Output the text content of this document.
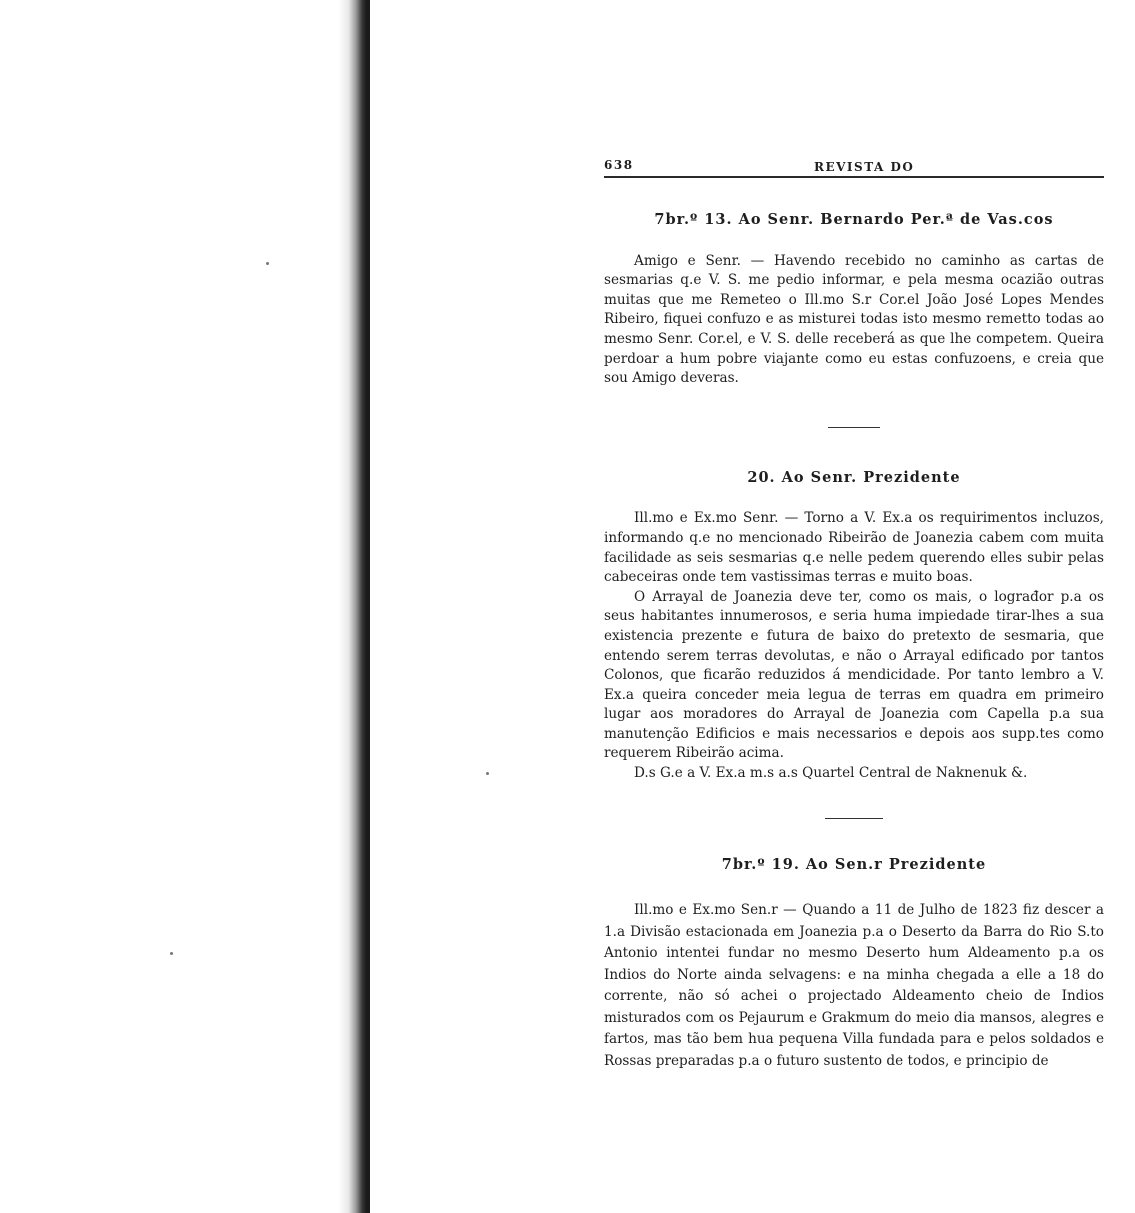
638	REVISTA DO
7br.º 13. Ao Senr. Bernardo Per.ª de Vas.cos

Amigo e Senr. — Havendo recebido no caminho as cartas de sesmarias q.e V. S. me pedio informar, e pela mesma ocazião outras muitas que me Remeteo o Ill.mo S.r Cor.el João José Lopes Mendes Ribeiro, fiquei confuzo e as misturei todas isto mesmo remetto todas ao mesmo Senr. Cor.el, e V. S. delle receberá as que lhe competem. Queira perdoar a hum pobre viajante como eu estas confuzoens, e creia que sou Amigo deveras.

20. Ao Senr. Prezidente

Ill.mo e Ex.mo Senr. — Torno a V. Ex.a os requirimentos incluzos, informando q.e no mencionado Ribeirão de Joanezia cabem com muita facilidade as seis sesmarias q.e nelle pedem querendo elles subir pelas cabeceiras onde tem vastissimas terras e muito boas.

O Arrayal de Joanezia deve ter, como os mais, o lograđor p.a os seus habitantes innumerosos, e seria huma impiedade tirar-lhes a sua existencia prezente e futura de baixo do pretexto de sesmaria, que entendo serem terras devolutas, e não o Arrayal edificado por tantos Colonos, que ficarão reduzidos á mendicidade. Por tanto lembro a V. Ex.a queira conceder meia legua de terras em quadra em primeiro lugar aos moradores do Arrayal de Joanezia com Capella p.a sua manutenção Edificios e mais necessarios e depois aos supp.tes como requerem Ribeirão acima.

D.s G.e a V. Ex.a m.s a.s Quartel Central de Naknenuk &.

7br.º 19. Ao Sen.r Prezidente

Ill.mo e Ex.mo Sen.r — Quando a 11 de Julho de 1823 fiz descer a 1.a Divisão estacionada em Joanezia p.a o Deserto da Barra do Rio S.to Antonio intentei fundar no mesmo Deserto hum Aldeamento p.a os Indios do Norte ainda selvagens: e na minha chegada a elle a 18 do corrente, não só achei o projectado Aldeamento cheio de Indios misturados com os Pejaurum e Grakmum do meio dia mansos, alegres e fartos, mas tão bem hua pequena Villa fundada para e pelos soldados e Rossas preparadas p.a o futuro sustento de todos, e principio de
